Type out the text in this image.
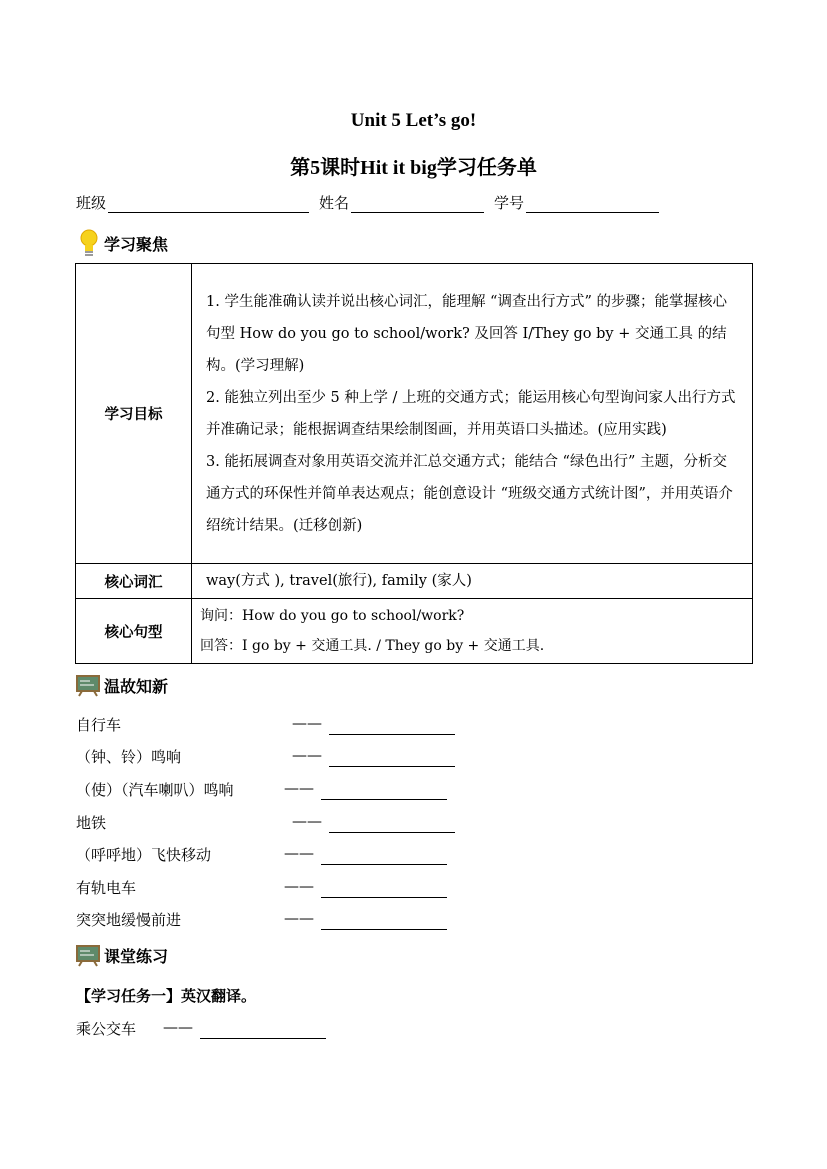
Unit 5 Let’s go!
第5课时Hit it big学习任务单
班级	姓名	学号
学习聚焦
学习目标	1. 学生能准确认读并说出核心词汇，能理解 “调查出行方式” 的步骤；能掌握核心句型 How do you go to school/work? 及回答 I/They go by + 交通工具 的结构。(学习理解)

2. 能独立列出至少 5 种上学 / 上班的交通方式；能运用核心句型询问家人出行方式并准确记录；能根据调查结果绘制图画，并用英语口头描述。(应用实践)

3. 能拓展调查对象用英语交流并汇总交通方式；能结合 “绿色出行” 主题，分析交通方式的环保性并简单表达观点；能创意设计 “班级交通方式统计图”，并用英语介绍统计结果。(迁移创新)

核心词汇	way(方式 ), travel(旅行), family (家人)
核心句型	询问：How do you go to school/work?
回答：I go by + 交通工具. / They go by + 交通工具.
温故知新
自行车	——
（钟、铃）鸣响	——
（使）（汽车喇叭）鸣响	——
地铁	——
（呼呼地）飞快移动	——
有轨电车	——
突突地缓慢前进	——
课堂练习
【学习任务一】英汉翻译。
乘公交车 ——
